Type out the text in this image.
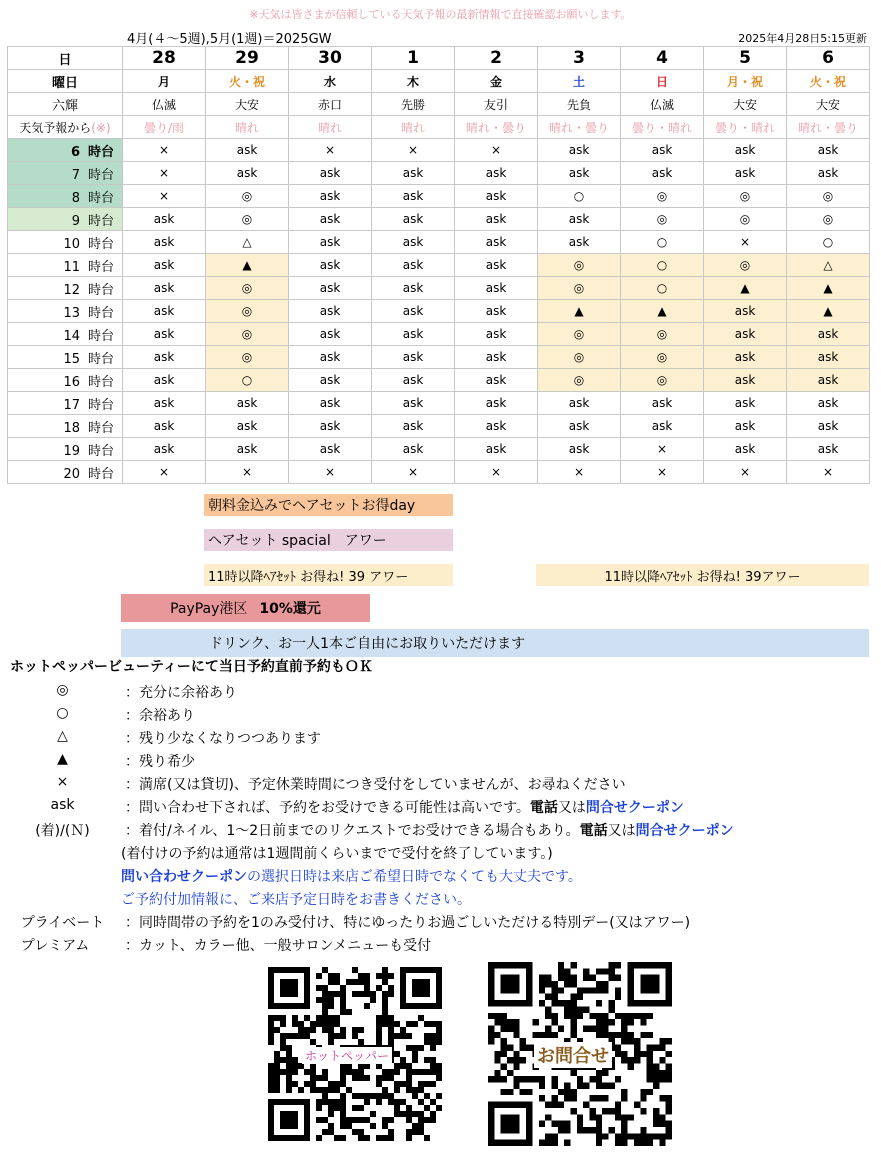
※天気は皆さまが信頼している天気予報の最新情報で直接確認お願いします。
4月(４～5週),5月(1週)＝2025GW	2025年4月28日5:15更新
日	28	29	30	1	2	3	4	5	6
曜日	月	火・祝	水	木	金	土	日	月・祝	火・祝
六輝	仏滅	大安	赤口	先勝	友引	先負	仏滅	大安	大安
天気予報から(※)	曇り/雨	晴れ	晴れ	晴れ	晴れ・曇り	晴れ・曇り	曇り・晴れ	曇り・晴れ	晴れ・曇り
6 時台	×	ask	×	×	×	ask	ask	ask	ask
7 時台	×	ask	ask	ask	ask	ask	ask	ask	ask
8 時台	×	◎	ask	ask	ask	○	◎	◎	◎
9 時台	ask	◎	ask	ask	ask	ask	◎	◎	◎
10 時台	ask	△	ask	ask	ask	ask	○	×	○
11 時台	ask	▲	ask	ask	ask	◎	○	◎	△
12 時台	ask	◎	ask	ask	ask	◎	○	▲	▲
13 時台	ask	◎	ask	ask	ask	▲	▲	ask	▲
14 時台	ask	◎	ask	ask	ask	◎	◎	ask	ask
15 時台	ask	◎	ask	ask	ask	◎	◎	ask	ask
16 時台	ask	○	ask	ask	ask	◎	◎	ask	ask
17 時台	ask	ask	ask	ask	ask	ask	ask	ask	ask
18 時台	ask	ask	ask	ask	ask	ask	ask	ask	ask
19 時台	ask	ask	ask	ask	ask	ask	×	ask	ask
20 時台	×	×	×	×	×	×	×	×	×
朝料金込みでヘアセットお得day
ヘアセット spacial　アワー
11時以降ﾍｱｾｯﾄ お得ね! 39 アワー	11時以降ﾍｱｾｯﾄ お得ね! 39アワー
PayPay港区 10%還元
ドリンク、お一人1本ご自由にお取りいただけます
ホットペッパービューティーにて当日予約直前予約もＯＫ
◎	：充分に余裕あり
○	：余裕あり
△	：残り少なくなりつつあります
▲	：残り希少
×	：満席(又は貸切)、予定休業時間につき受付をしていませんが、お尋ねください
ask	：問い合わせ下されば、予約をお受けできる可能性は高いです。電話又は問合せクーポン
(着)/(Ｎ)	：着付/ネイル、1～2日前までのリクエストでお受けできる場合もあり。電話又は問合せクーポン
(着付けの予約は通常は1週間前くらいまでで受付を終了しています。)
問い合わせクーポンの選択日時は来店ご希望日時でなくても大丈夫です。
ご予約付加情報に、ご来店予定日時をお書きください。
プライベート	：同時間帯の予約を1のみ受付け、特にゆったりお過ごしいただける特別デー(又はアワー)
プレミアム	：カット、カラー他、一般サロンメニューも受付
ホットペッパー	お問合せ
